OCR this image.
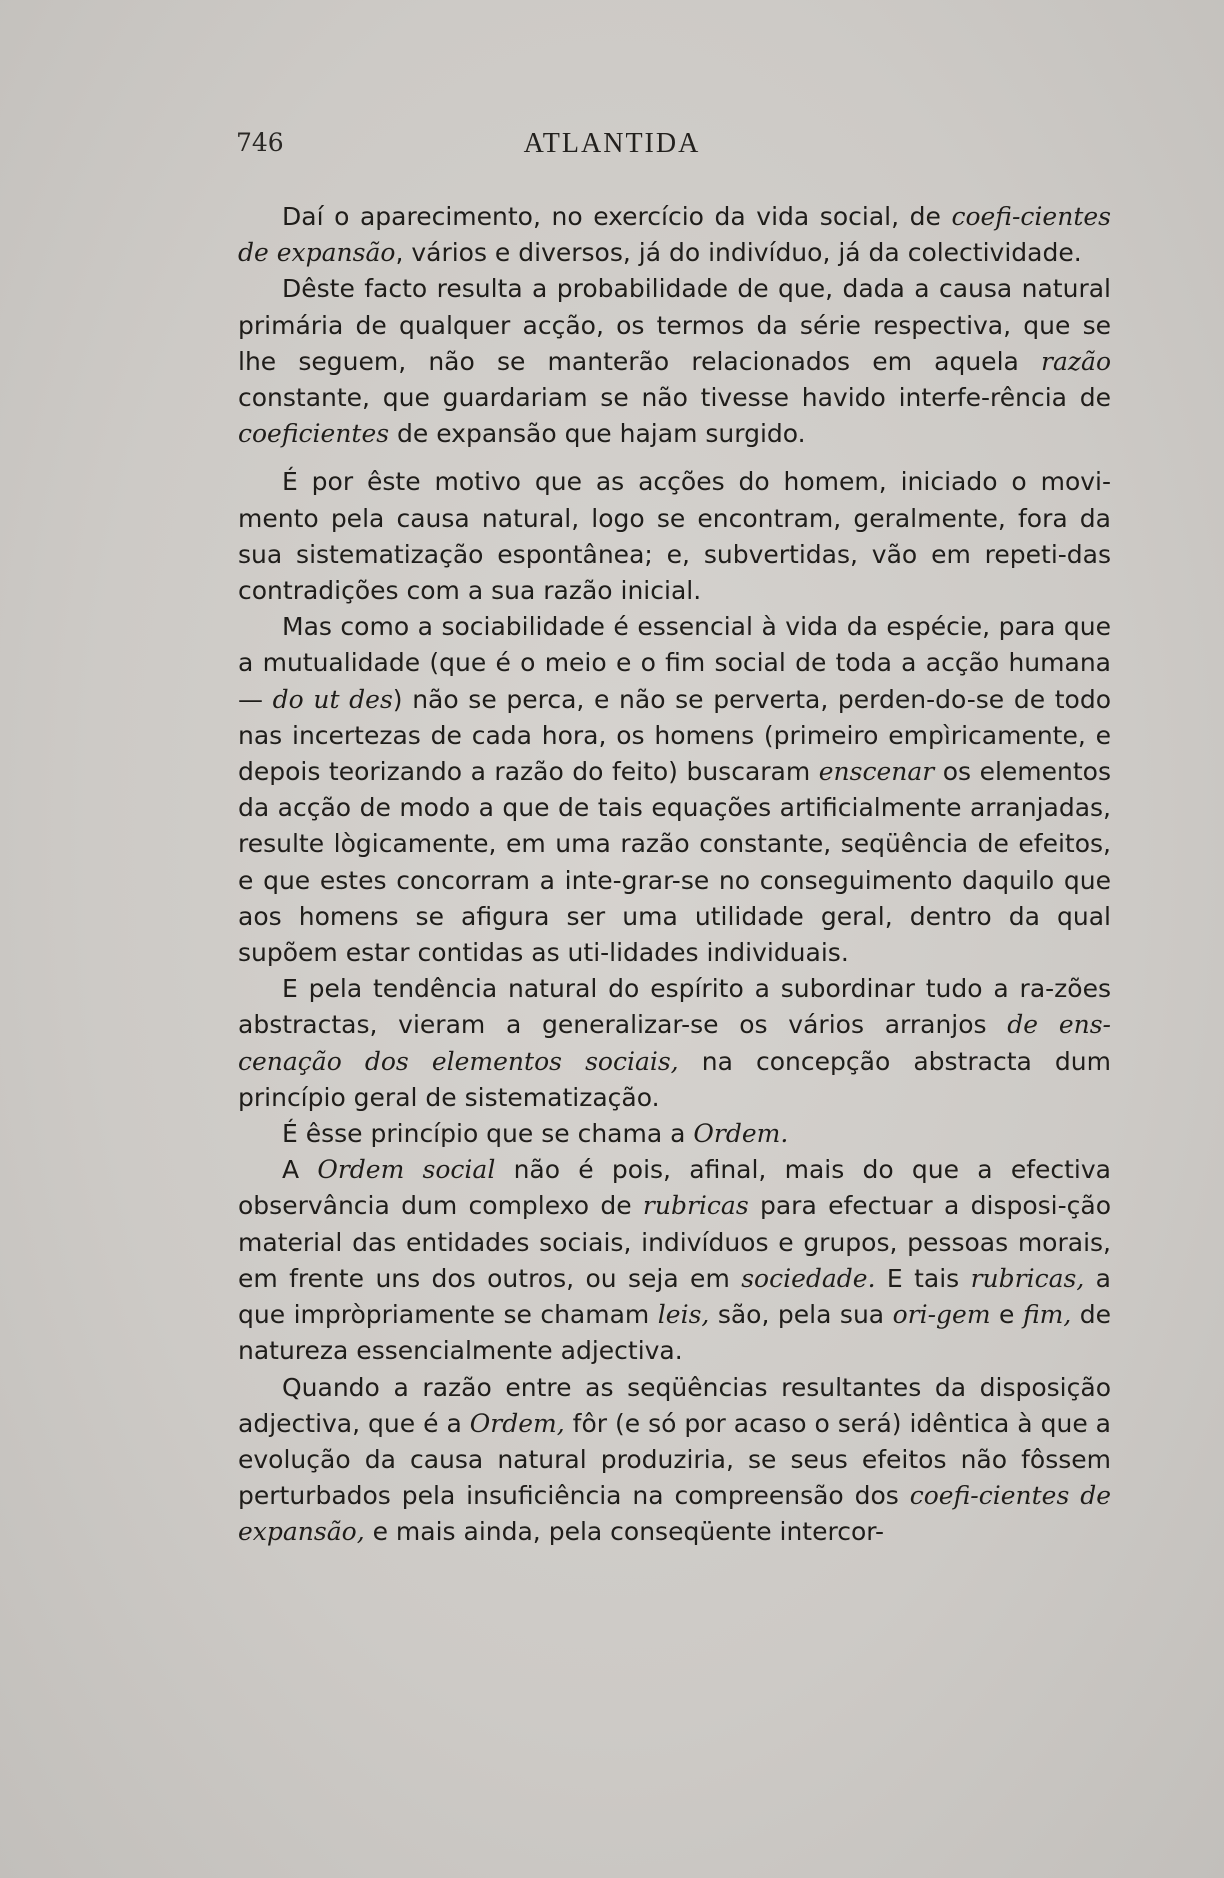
746	ATLANTIDA

Daí o aparecimento, no exercício da vida social, de coefi-cientes de expansão, vários e diversos, já do indivíduo, já da colectividade.

Dêste facto resulta a probabilidade de que, dada a causa natural primária de qualquer acção, os termos da série respectiva, que se lhe seguem, não se manterão relacionados em aquela razão constante, que guardariam se não tivesse havido interfe-rência de coeficientes de expansão que hajam surgido.

É por êste motivo que as acções do homem, iniciado o movi-mento pela causa natural, logo se encontram, geralmente, fora da sua sistematização espontânea; e, subvertidas, vão em repeti-das contradições com a sua razão inicial.

Mas como a sociabilidade é essencial à vida da espécie, para que a mutualidade (que é o meio e o fim social de toda a acção humana — do ut des) não se perca, e não se perverta, perden-do-se de todo nas incertezas de cada hora, os homens (primeiro empìricamente, e depois teorizando a razão do feito) buscaram enscenar os elementos da acção de modo a que de tais equações artificialmente arranjadas, resulte lògicamente, em uma razão constante, seqüência de efeitos, e que estes concorram a inte-grar-se no conseguimento daquilo que aos homens se afigura ser uma utilidade geral, dentro da qual supõem estar contidas as uti-lidades individuais.

E pela tendência natural do espírito a subordinar tudo a ra-zões abstractas, vieram a generalizar-se os vários arranjos de ens-cenação dos elementos sociais, na concepção abstracta dum princípio geral de sistematização.

É êsse princípio que se chama a Ordem.

A Ordem social não é pois, afinal, mais do que a efectiva observância dum complexo de rubricas para efectuar a disposi-ção material das entidades sociais, indivíduos e grupos, pessoas morais, em frente uns dos outros, ou seja em sociedade. E tais rubricas, a que impròpriamente se chamam leis, são, pela sua ori-gem e fim, de natureza essencialmente adjectiva.

Quando a razão entre as seqüências resultantes da disposição adjectiva, que é a Ordem, fôr (e só por acaso o será) idêntica à que a evolução da causa natural produziria, se seus efeitos não fôssem perturbados pela insuficiência na compreensão dos coefi-cientes de expansão, e mais ainda, pela conseqüente intercor-
